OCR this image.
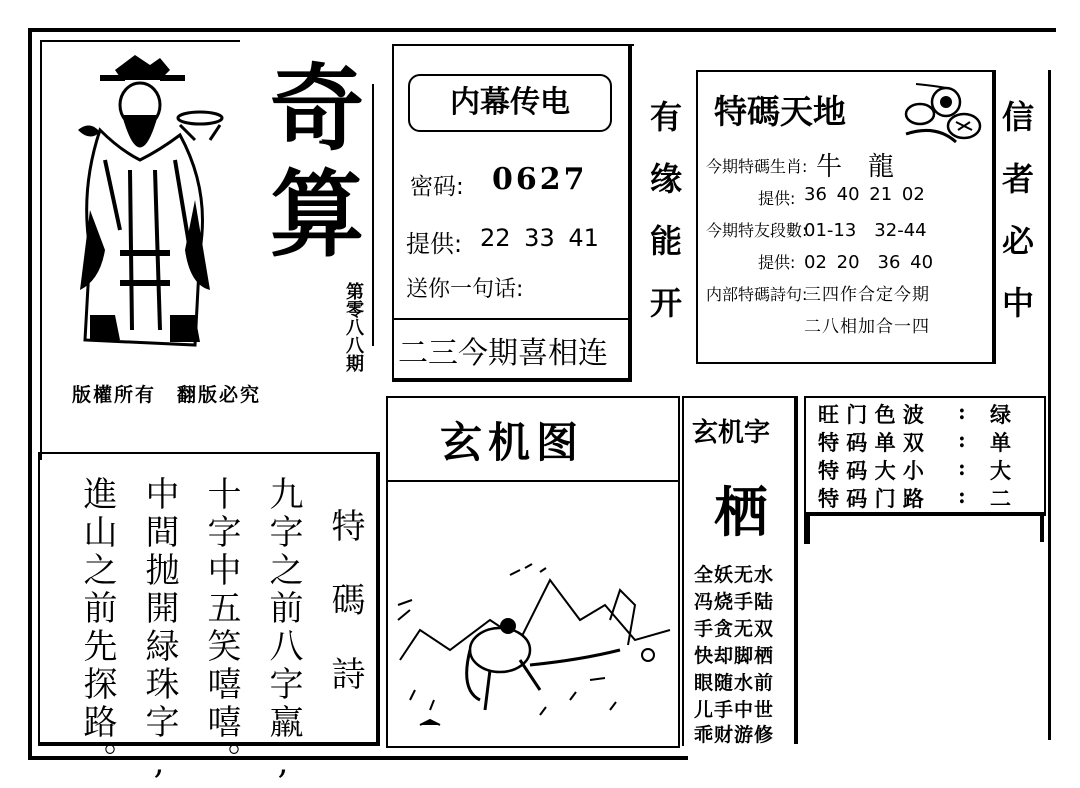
奇
算
第零八八期
版權所有　翻版必究
内幕传电
密码: 0627
提供: 22 33 41
送你一句话:
二三今期喜相连
有缘能开	信者必中
特碼天地
今期特碼生肖: 牛　龍
提供: 36 40 21 02
今期特友段數:
01-13　32-44
提供: 02 20　36 40
内部特碼詩句:
三四作合定今期
二八相加合一四
旺 门 色 波 : 绿
特 码 单 双 : 单
特 码 大 小 : 大
特 码 门 路 : 二
玄机图	玄机字
栖
全妖无水
冯烧手陆
手贪无双
快却脚栖
眼随水前
儿手中世
乖财游修
特碼詩
九字之前八字羸,
十字中五笑嘻嘻。
中間抛開緑珠字,
進山之前先探路。
